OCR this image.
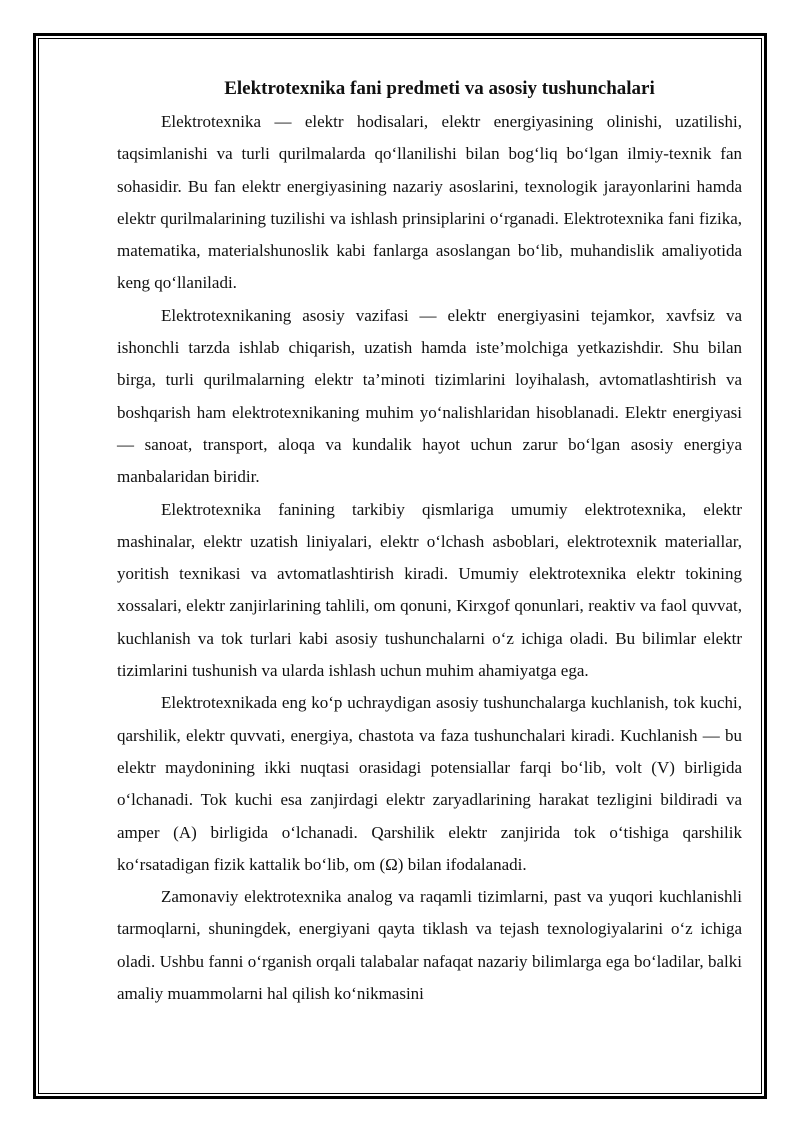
Elektrotexnika fani predmeti va asosiy tushunchalari

Elektrotexnika — elektr hodisalari, elektr energiyasining olinishi, uzatilishi, taqsimlanishi va turli qurilmalarda qo‘llanilishi bilan bog‘liq bo‘lgan ilmiy-texnik fan sohasidir. Bu fan elektr energiyasining nazariy asoslarini, texnologik jarayonlarini hamda elektr qurilmalarining tuzilishi va ishlash prinsiplarini o‘rganadi. Elektrotexnika fani fizika, matematika, materialshunoslik kabi fanlarga asoslangan bo‘lib, muhandislik amaliyotida keng qo‘llaniladi.

Elektrotexnikaning asosiy vazifasi — elektr energiyasini tejamkor, xavfsiz va ishonchli tarzda ishlab chiqarish, uzatish hamda iste’molchiga yetkazishdir. Shu bilan birga, turli qurilmalarning elektr ta’minoti tizimlarini loyihalash, avtomatlashtirish va boshqarish ham elektrotexnikaning muhim yo‘nalishlaridan hisoblanadi. Elektr energiyasi — sanoat, transport, aloqa va kundalik hayot uchun zarur bo‘lgan asosiy energiya manbalaridan biridir.

Elektrotexnika fanining tarkibiy qismlariga umumiy elektrotexnika, elektr mashinalar, elektr uzatish liniyalari, elektr o‘lchash asboblari, elektrotexnik materiallar, yoritish texnikasi va avtomatlashtirish kiradi. Umumiy elektrotexnika elektr tokining xossalari, elektr zanjirlarining tahlili, om qonuni, Kirxgof qonunlari, reaktiv va faol quvvat, kuchlanish va tok turlari kabi asosiy tushunchalarni o‘z ichiga oladi. Bu bilimlar elektr tizimlarini tushunish va ularda ishlash uchun muhim ahamiyatga ega.

Elektrotexnikada eng ko‘p uchraydigan asosiy tushunchalarga kuchlanish, tok kuchi, qarshilik, elektr quvvati, energiya, chastota va faza tushunchalari kiradi. Kuchlanish — bu elektr maydonining ikki nuqtasi orasidagi potensiallar farqi bo‘lib, volt (V) birligida o‘lchanadi. Tok kuchi esa zanjirdagi elektr zaryadlarining harakat tezligini bildiradi va amper (A) birligida o‘lchanadi. Qarshilik elektr zanjirida tok o‘tishiga qarshilik ko‘rsatadigan fizik kattalik bo‘lib, om (Ω) bilan ifodalanadi.

Zamonaviy elektrotexnika analog va raqamli tizimlarni, past va yuqori kuchlanishli tarmoqlarni, shuningdek, energiyani qayta tiklash va tejash texnologiyalarini o‘z ichiga oladi. Ushbu fanni o‘rganish orqali talabalar nafaqat nazariy bilimlarga ega bo‘ladilar, balki amaliy muammolarni hal qilish ko‘nikmasini
